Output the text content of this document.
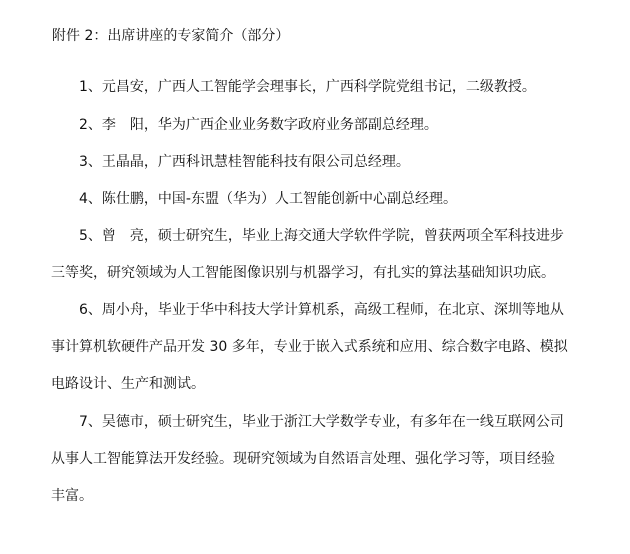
附件 2：出席讲座的专家简介（部分）
1、元昌安，广西人工智能学会理事长，广西科学院党组书记，二级教授。
2、李　阳，华为广西企业业务数字政府业务部副总经理。
3、王晶晶，广西科讯慧桂智能科技有限公司总经理。
4、陈仕鹏，中国-东盟（华为）人工智能创新中心副总经理。
5、曾　亮，硕士研究生，毕业上海交通大学软件学院，曾获两项全军科技进步
三等奖，研究领域为人工智能图像识别与机器学习，有扎实的算法基础知识功底。
6、周小舟，毕业于华中科技大学计算机系，高级工程师，在北京、深圳等地从
事计算机软硬件产品开发 30 多年，专业于嵌入式系统和应用、综合数字电路、模拟
电路设计、生产和测试。
7、吴德市，硕士研究生，毕业于浙江大学数学专业，有多年在一线互联网公司
从事人工智能算法开发经验。现研究领域为自然语言处理、强化学习等，项目经验
丰富。
